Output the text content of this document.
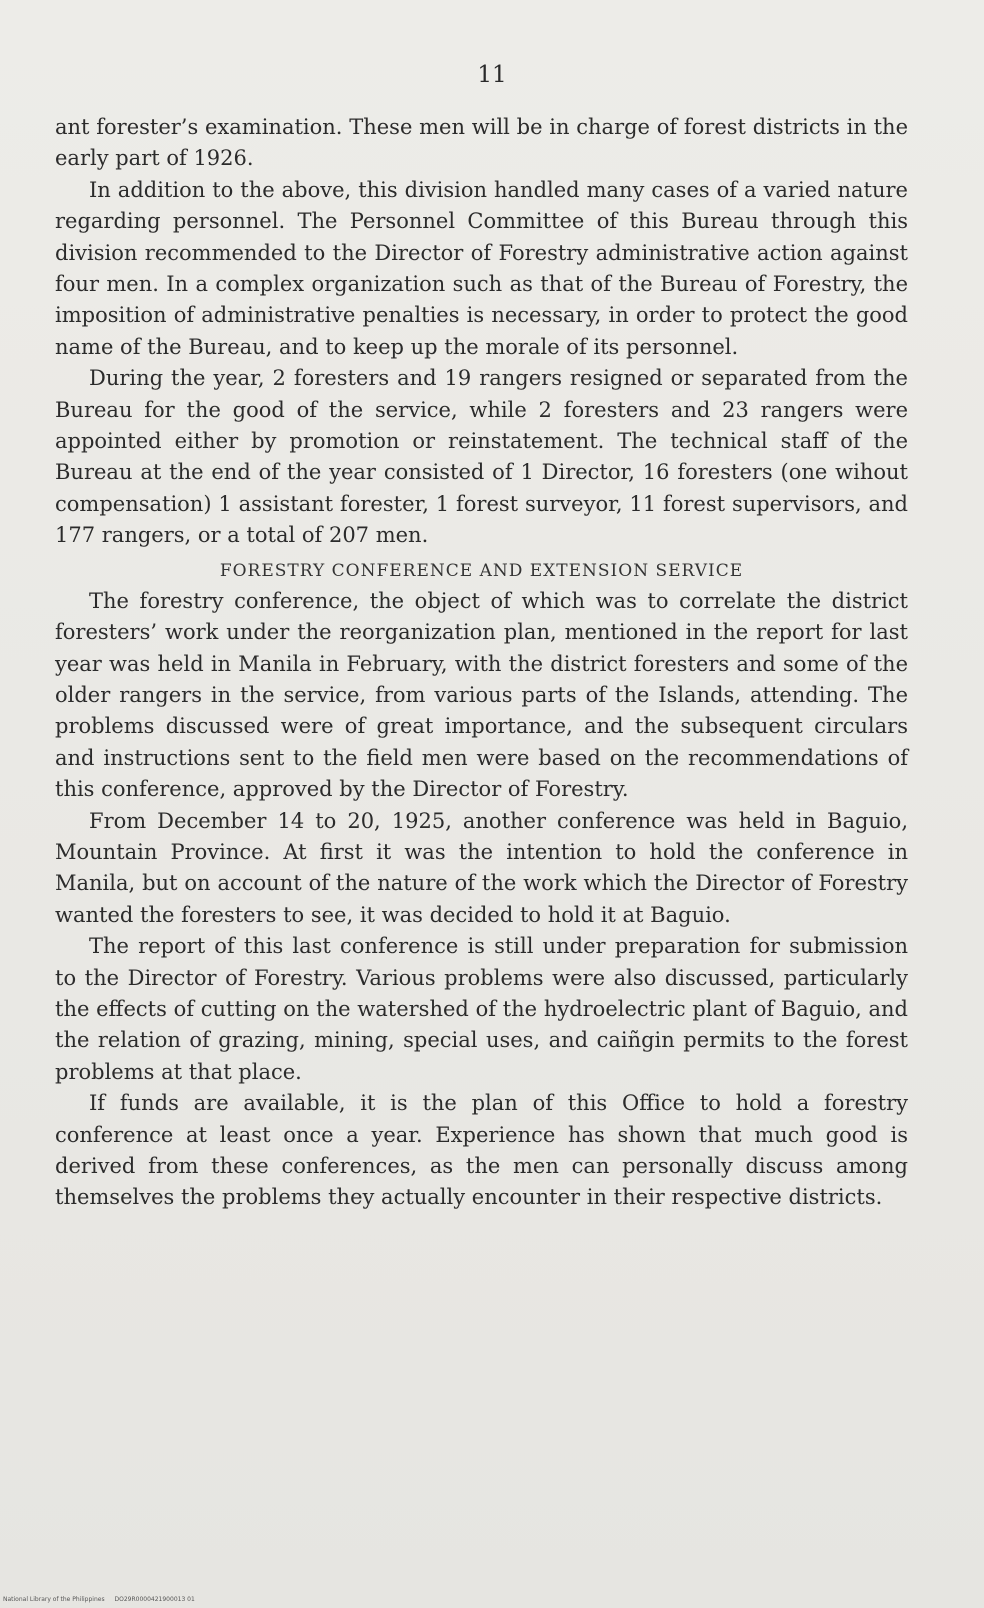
11

ant forester’s examination. These men will be in charge of forest districts in the early part of 1926.

In addition to the above, this division handled many cases of a varied nature regarding personnel. The Personnel Committee of this Bureau through this division recommended to the Director of Forestry administrative action against four men. In a complex organization such as that of the Bureau of Forestry, the imposition of administrative penalties is necessary, in order to protect the good name of the Bureau, and to keep up the morale of its personnel.

During the year, 2 foresters and 19 rangers resigned or separated from the Bureau for the good of the service, while 2 foresters and 23 rangers were appointed either by promotion or reinstatement. The technical staff of the Bureau at the end of the year consisted of 1 Director, 16 foresters (one wihout compensation) 1 assistant forester, 1 forest surveyor, 11 forest supervisors, and 177 rangers, or a total of 207 men.

FORESTRY CONFERENCE AND EXTENSION SERVICE

The forestry conference, the object of which was to correlate the district foresters’ work under the reorganization plan, mentioned in the report for last year was held in Manila in February, with the district foresters and some of the older rangers in the service, from various parts of the Islands, attending. The problems discussed were of great importance, and the subsequent circulars and instructions sent to the field men were based on the recommendations of this conference, approved by the Director of Forestry.

From December 14 to 20, 1925, another conference was held in Baguio, Mountain Province. At first it was the intention to hold the conference in Manila, but on account of the nature of the work which the Director of Forestry wanted the foresters to see, it was decided to hold it at Baguio.

The report of this last conference is still under preparation for submission to the Director of Forestry. Various problems were also discussed, particularly the effects of cutting on the watershed of the hydroelectric plant of Baguio, and the relation of grazing, mining, special uses, and caiñgin permits to the forest problems at that place.

If funds are available, it is the plan of this Office to hold a forestry conference at least once a year. Experience has shown that much good is derived from these conferences, as the men can personally discuss among themselves the problems they actually encounter in their respective districts.

National Library of the Philippines DO29R0000421900013 01
